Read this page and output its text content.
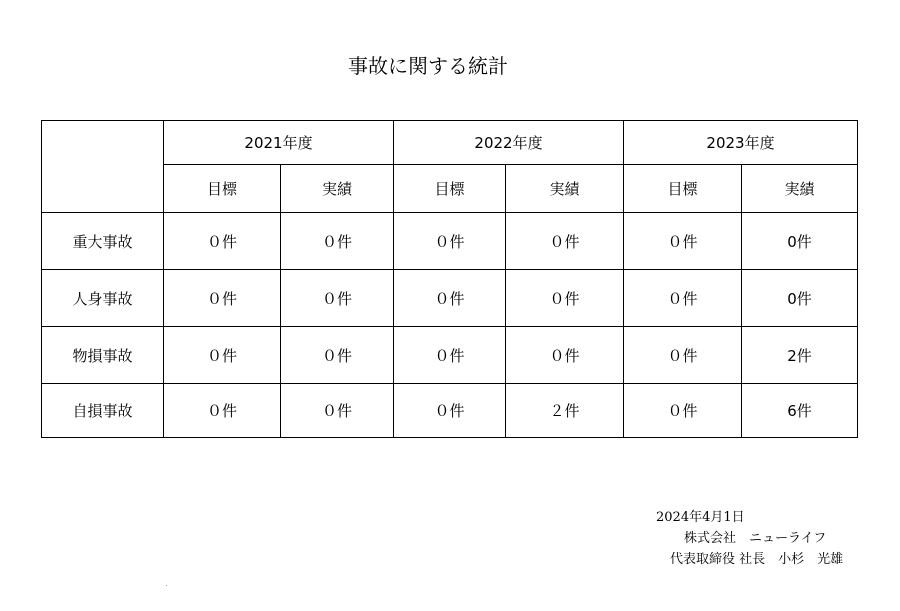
事故に関する統計
	2021年度		2022年度		2023年度	
	目標	実績	目標	実績	目標	実績
重大事故	０件	０件	０件	０件	０件	0件
人身事故	０件	０件	０件	０件	０件	0件
物損事故	０件	０件	０件	０件	０件	2件
自損事故	０件	０件	０件	２件	０件	6件
2024年4月1日
株式会社　ニューライフ
代表取締役 社長　小杉　光雄
